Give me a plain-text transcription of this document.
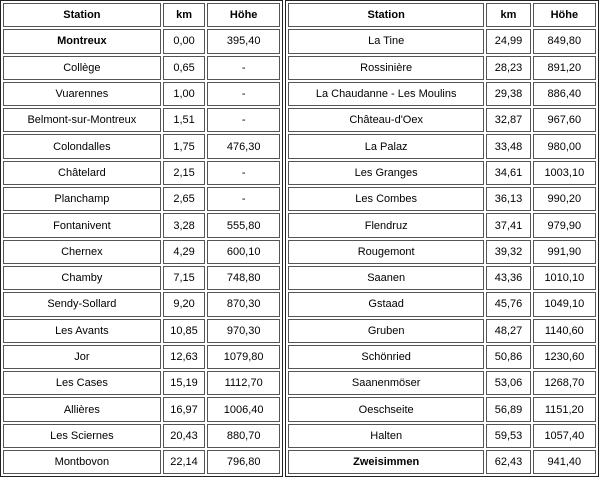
Station	km	Höhe
Montreux	0,00	395,40
Collège	0,65	-
Vuarennes	1,00	-
Belmont-sur-Montreux	1,51	-
Colondalles	1,75	476,30
Châtelard	2,15	-
Planchamp	2,65	-
Fontanivent	3,28	555,80
Chernex	4,29	600,10
Chamby	7,15	748,80
Sendy-Sollard	9,20	870,30
Les Avants	10,85	970,30
Jor	12,63	1079,80
Les Cases	15,19	1112,70
Allières	16,97	1006,40
Les Sciernes	20,43	880,70
Montbovon	22,14	796,80
Station	km	Höhe
La Tine	24,99	849,80
Rossinière	28,23	891,20
La Chaudanne - Les Moulins	29,38	886,40
Château-d'Oex	32,87	967,60
La Palaz	33,48	980,00
Les Granges	34,61	1003,10
Les Combes	36,13	990,20
Flendruz	37,41	979,90
Rougemont	39,32	991,90
Saanen	43,36	1010,10
Gstaad	45,76	1049,10
Gruben	48,27	1140,60
Schönried	50,86	1230,60
Saanenmöser	53,06	1268,70
Oeschseite	56,89	1151,20
Halten	59,53	1057,40
Zweisimmen	62,43	941,40
